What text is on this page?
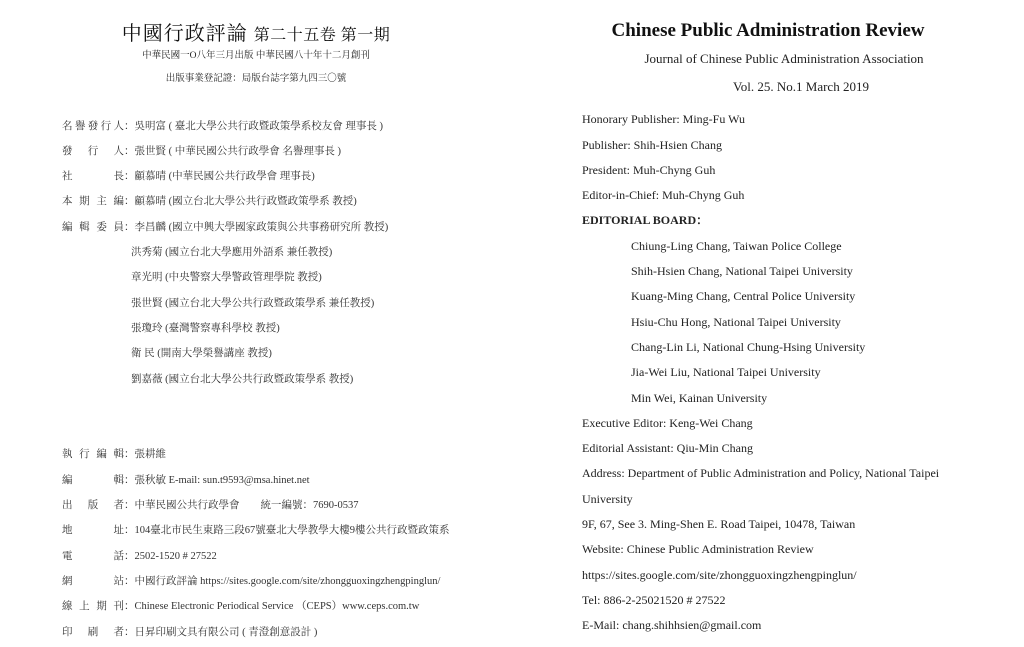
中國行政評論 第二十五卷 第一期
中華民國一O八年三月出版 中華民國八十年十二月創刊
出版事業登記證：局版台誌字第九四三〇號
名譽發行人：吳明富 ( 臺北大學公共行政暨政策學系校友會 理事長 )
發 行 人：張世賢 ( 中華民國公共行政學會 名譽理事長 )
社 長：顧慕晴 (中華民國公共行政學會 理事長)
本期主編：顧慕晴 (國立台北大學公共行政暨政策學系 教授)
編輯委員：李昌麟 (國立中興大學國家政策與公共事務研究所 教授)
洪秀菊 (國立台北大學應用外語系 兼任教授)
章光明 (中央警察大學警政管理學院 教授)
張世賢 (國立台北大學公共行政暨政策學系 兼任教授)
張瓊玲 (臺灣警察專科學校 教授)
衛 民 (開南大學榮譽講座 教授)
劉嘉薇 (國立台北大學公共行政暨政策學系 教授)
執行編輯：張耕維
編 輯：張秋敏 E-mail: sun.t9593@msa.hinet.net
出 版 者：中華民國公共行政學會　　統一編號：7690-0537
地 址：104臺北市民生東路三段67號臺北大學教學大樓9樓公共行政暨政策系
電 話：2502-1520 # 27522
網 站：中國行政評論 https://sites.google.com/site/zhongguoxingzhengpinglun/
線上期刊：Chinese Electronic Periodical Service （CEPS）www.ceps.com.tw
印 刷 者：日昇印刷文具有限公司 ( 青澄創意設計 )
Chinese Public Administration Review
Journal of Chinese Public Administration Association
Vol. 25. No.1 March 2019
Honorary Publisher: Ming-Fu Wu
Publisher: Shih-Hsien Chang
President: Muh-Chyng Guh
Editor-in-Chief: Muh-Chyng Guh
EDITORIAL BOARD：
Chiung-Ling Chang, Taiwan Police College
Shih-Hsien Chang, National Taipei University
Kuang-Ming Chang, Central Police University
Hsiu-Chu Hong, National Taipei University
Chang-Lin Li, National Chung-Hsing University
Jia-Wei Liu, National Taipei University
Min Wei, Kainan University
Executive Editor: Keng-Wei Chang
Editorial Assistant: Qiu-Min Chang
Address: Department of Public Administration and Policy, National Taipei
University
9F, 67, See 3. Ming-Shen E. Road Taipei, 10478, Taiwan
Website: Chinese Public Administration Review
https://sites.google.com/site/zhongguoxingzhengpinglun/
Tel: 886-2-25021520 # 27522
E-Mail: chang.shihhsien@gmail.com
